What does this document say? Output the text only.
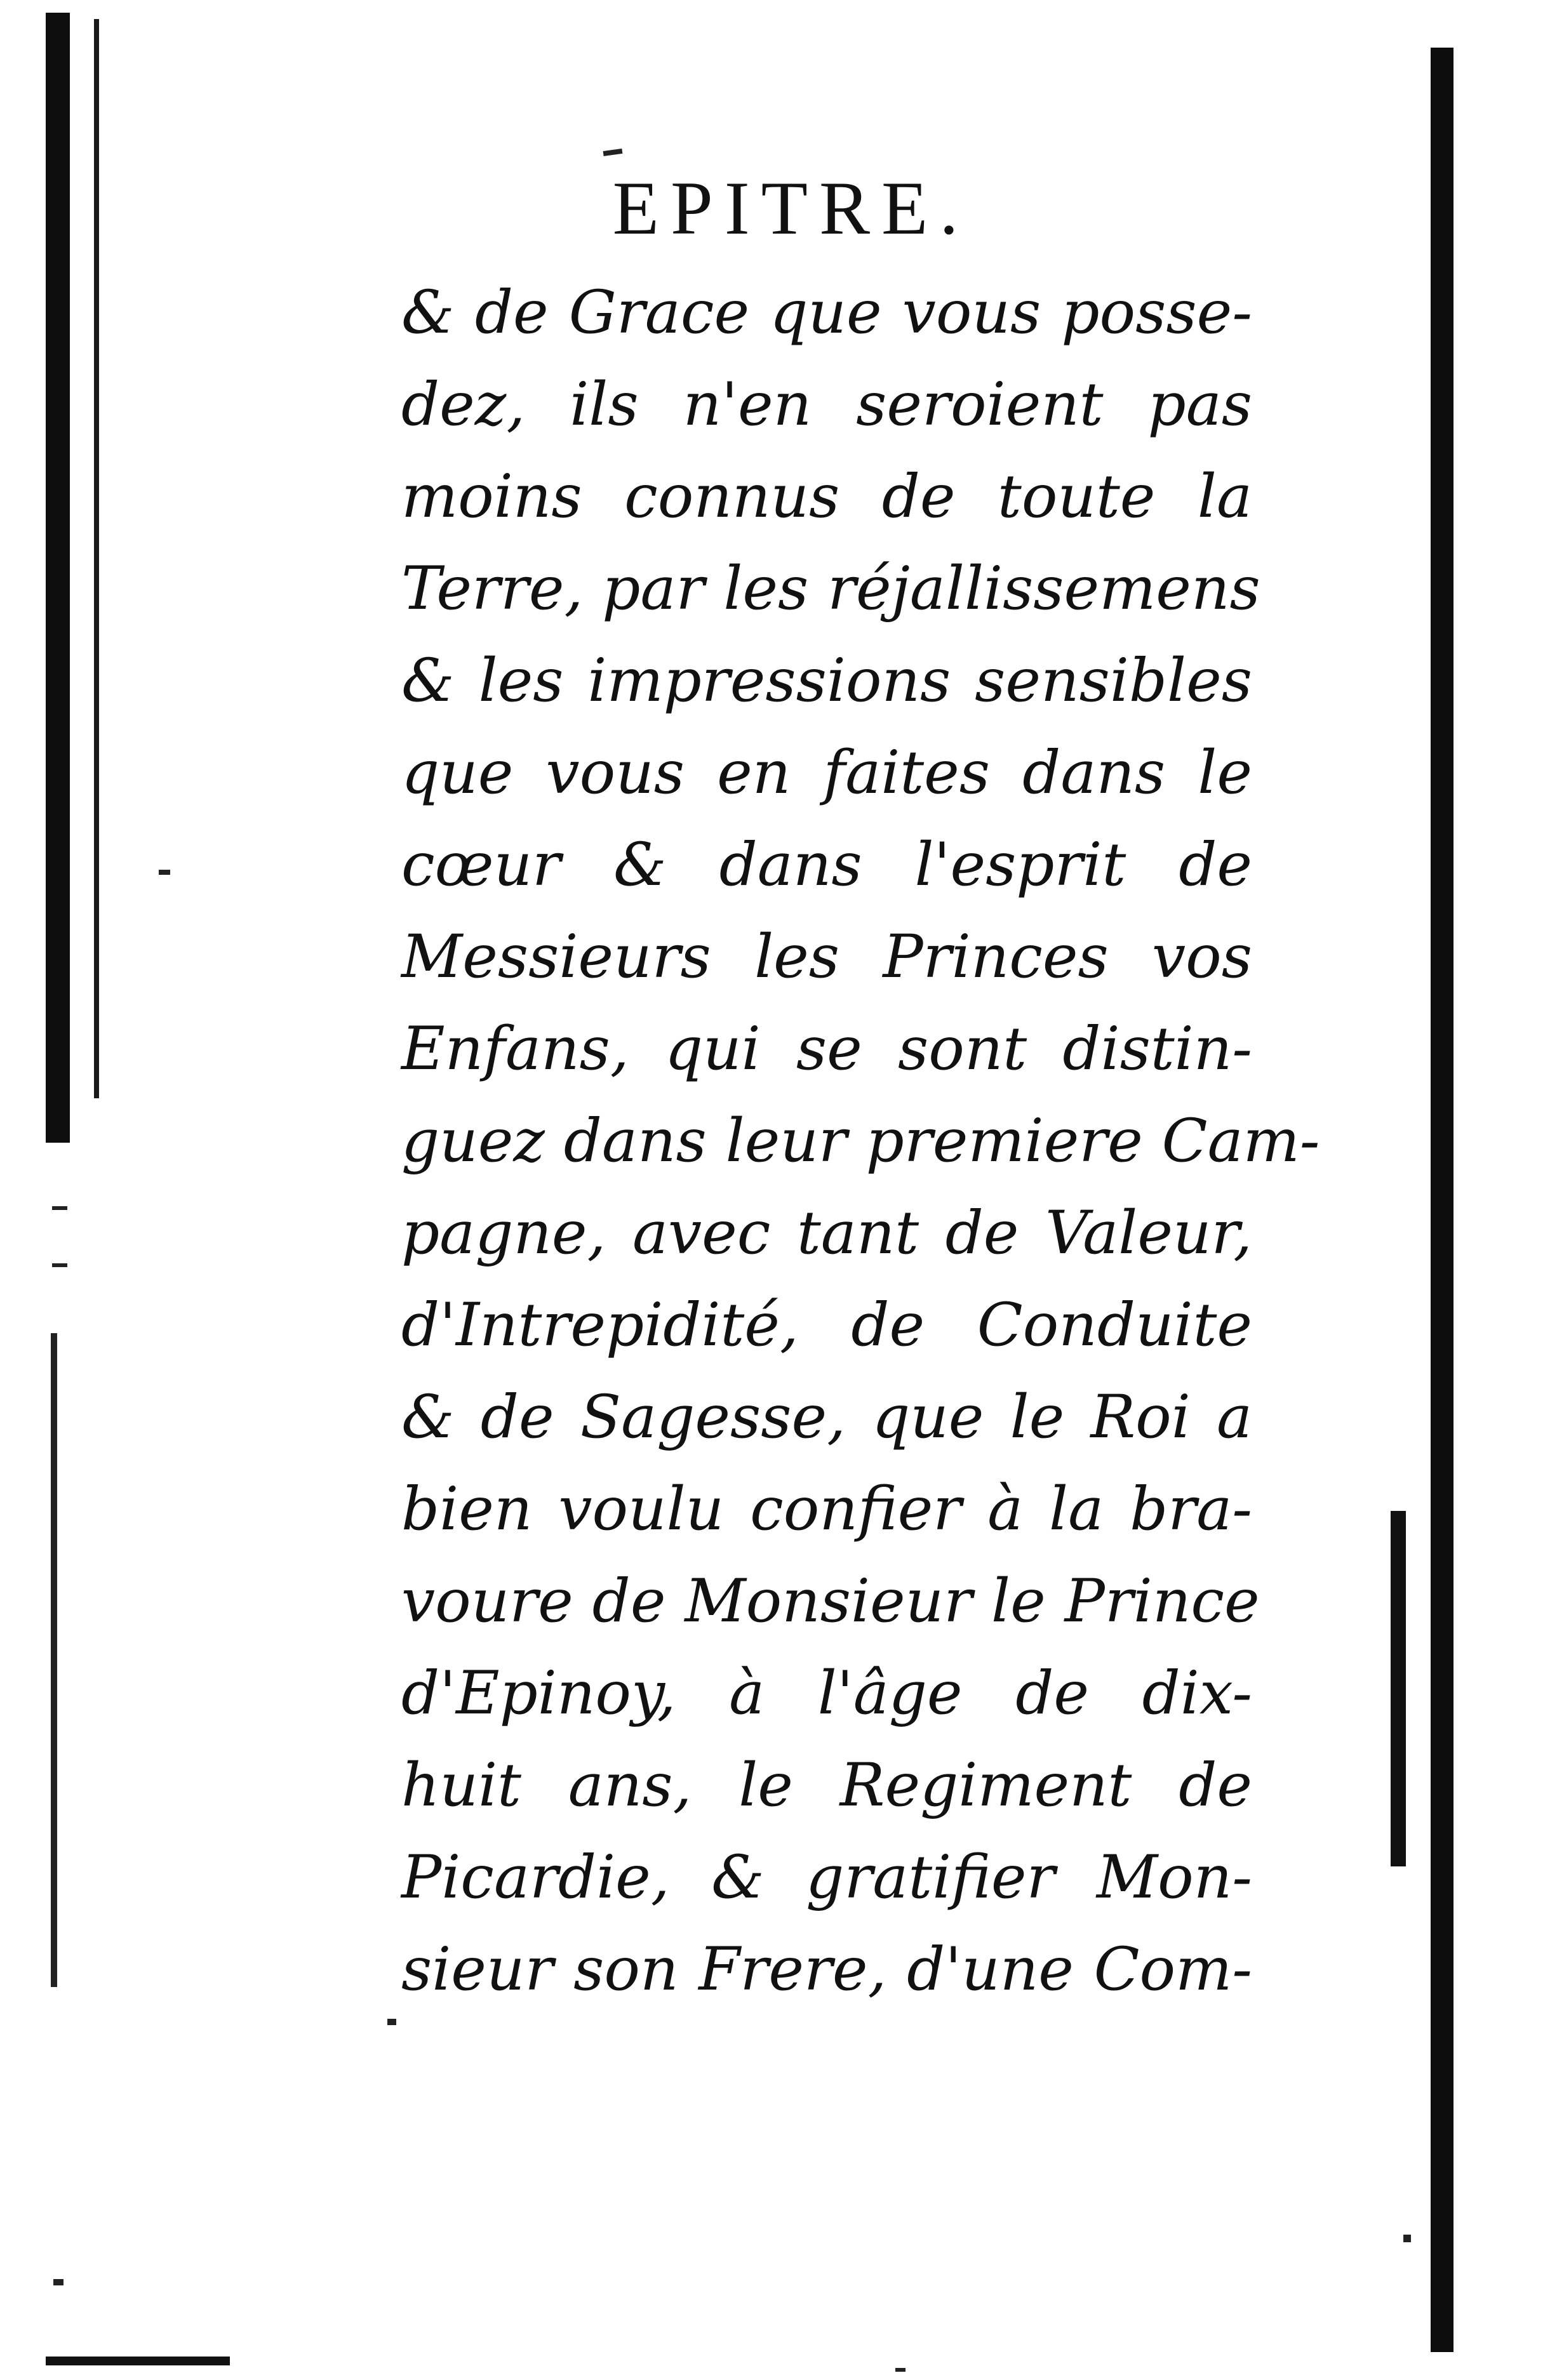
EPITRE.
& de Grace que vous posse-
dez, ils n'en seroient pas
moins connus de toute la
Terre, par les réjallissemens
& les impressions sensibles
que vous en faites dans le
cœur & dans l'esprit de
Messieurs les Princes vos
Enfans, qui se sont distin-
guez dans leur premiere Cam-
pagne, avec tant de Valeur,
d'Intrepidité, de Conduite
& de Sagesse, que le Roi a
bien voulu confier à la bra-
voure de Monsieur le Prince
d'Epinoy, à l'âge de dix-
huit ans, le Regiment de
Picardie, & gratifier Mon-
sieur son Frere, d'une Com-
